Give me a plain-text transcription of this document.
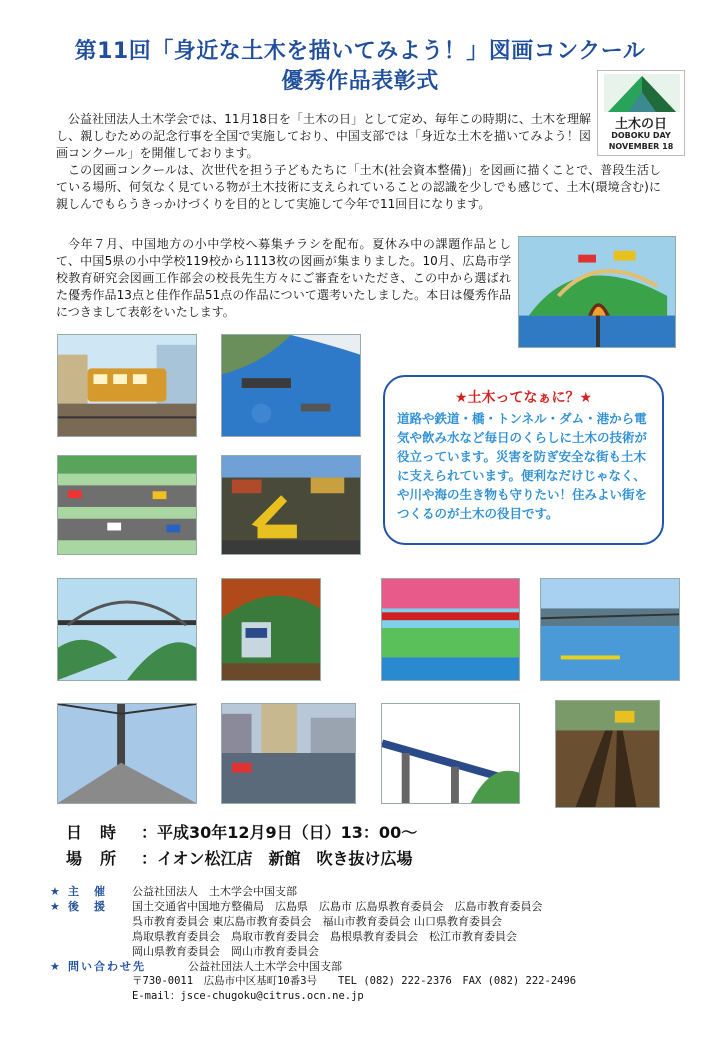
第11回「身近な土木を描いてみよう！」図画コンクール
優秀作品表彰式
土木の日
DOBOKU DAY
NOVEMBER 18

公益社団法人土木学会では、11月18日を「土木の日」として定め、毎年この時期に、土木を理解し、親しむための記念行事を全国で実施しており、中国支部では「身近な土木を描いてみよう！図画コンクール」を開催しております。

この図画コンクールは、次世代を担う子どもたちに「土木(社会資本整備)」を図画に描くことで、普段生活している場所、何気なく見ている物が土木技術に支えられていることの認識を少しでも感じて、土木(環境含む)に親しんでもらうきっかけづくりを目的として実施して今年で11回目になります。

今年７月、中国地方の小中学校へ募集チラシを配布。夏休み中の課題作品として、中国5県の小中学校119校から1113枚の図画が集まりました。10月、広島市学校教育研究会図画工作部会の校長先生方々にご審査をいただき、この中から選ばれた優秀作品13点と佳作作品51点の作品について選考いたしました。本日は優秀作品につきまして表彰をいたします。

★土木ってなぁに？★
道路や鉄道・橋・トンネル・ダム・港から電気や飲み水など毎日のくらしに土木の技術が役立っています。災害を防ぎ安全な街も土木に支えられています。便利なだけじゃなく、や川や海の生き物も守りたい！住みよい街をつくるのが土木の役目です。
日時 ：平成30年12月9日（日）13：00～
場所 ：イオン松江店　新館　吹き抜け広場
★ 主　催 公益社団法人　土木学会中国支部
★ 後　援 国土交通省中国地方整備局　広島県　広島市 広島県教育委員会　広島市教育委員会
呉市教育委員会 東広島市教育委員会　福山市教育委員会 山口県教育委員会
鳥取県教育委員会　鳥取市教育委員会　島根県教育委員会　松江市教育委員会
岡山県教育委員会　岡山市教育委員会
★ 問い合わせ先	公益社団法人土木学会中国支部
〒730-0011　広島市中区基町10番3号　　TEL (082) 222-2376　FAX (082) 222-2496
E-mail：jsce-chugoku@citrus.ocn.ne.jp
